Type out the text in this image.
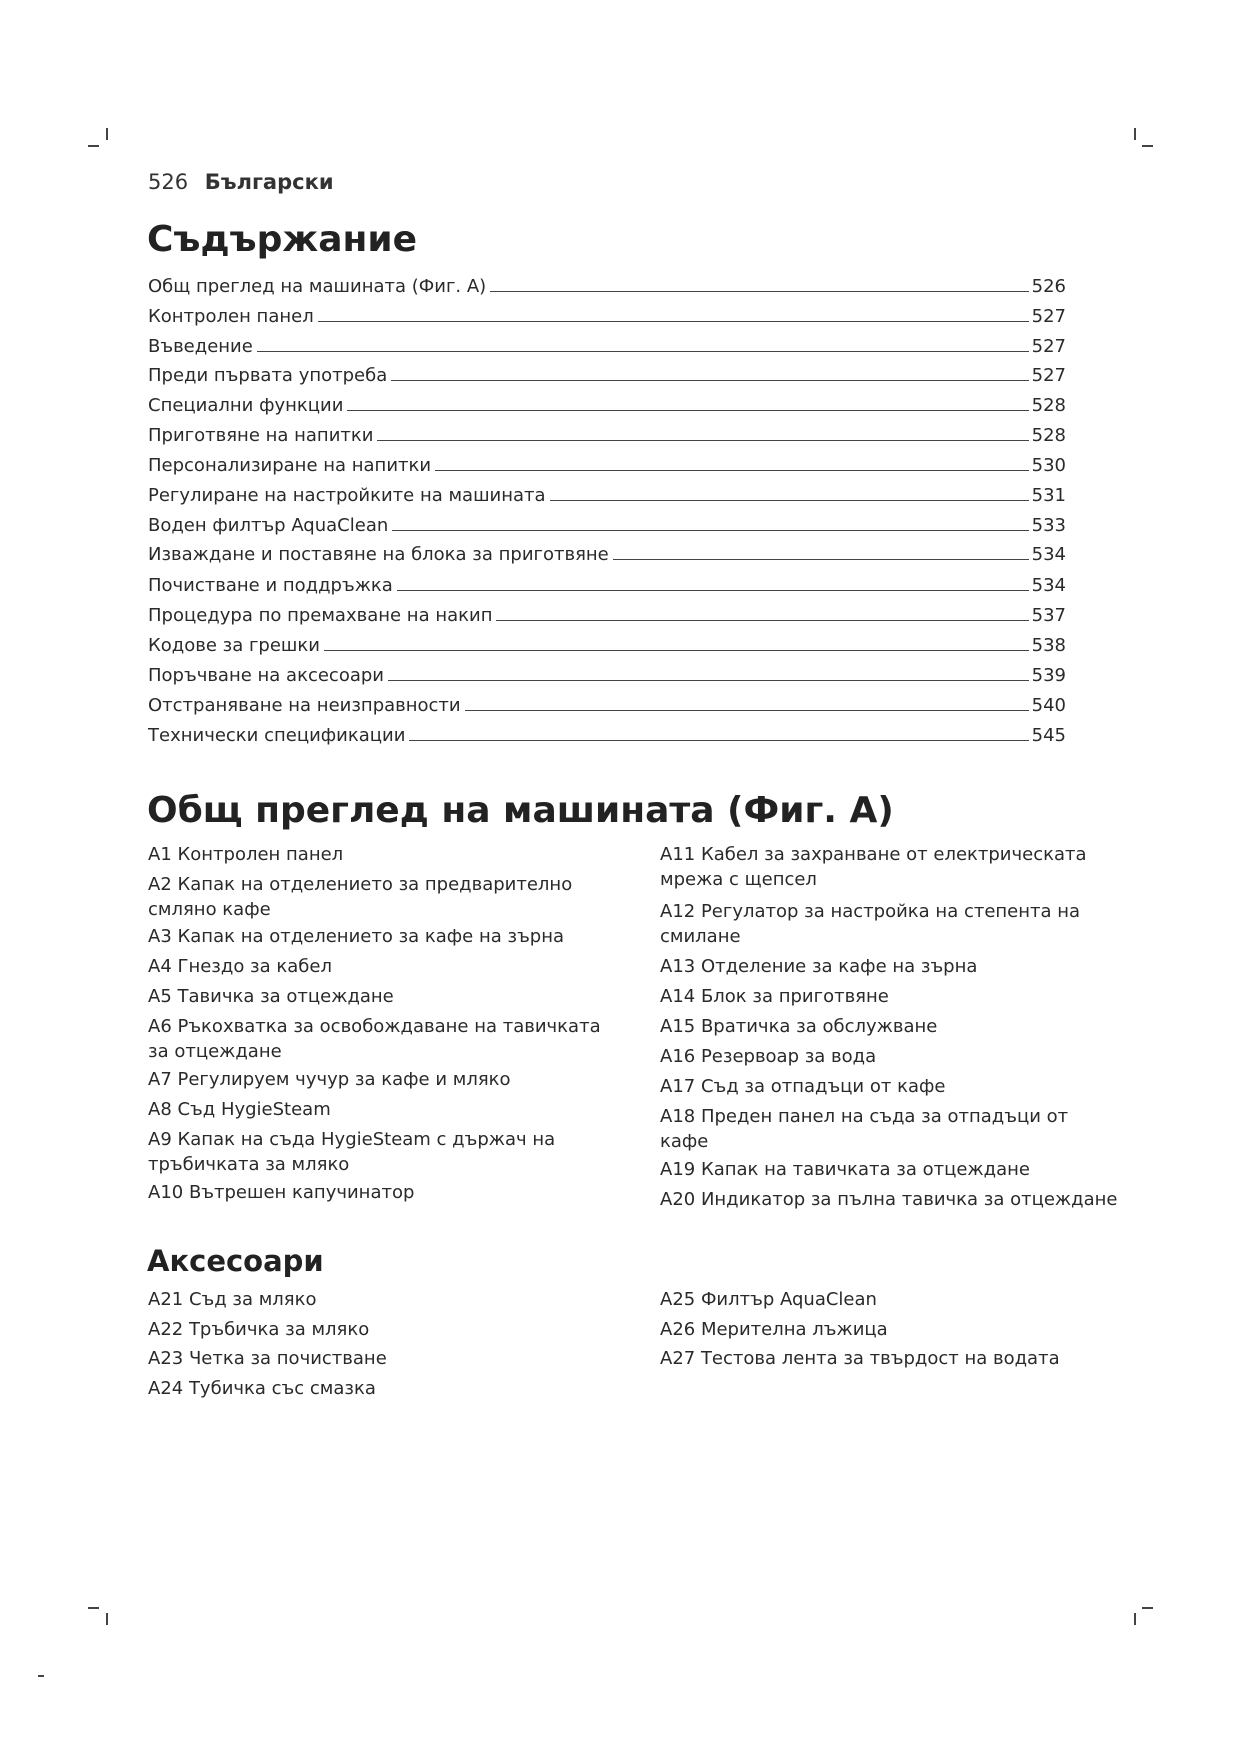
526 Български
Съдържание
Общ преглед на машината (Фиг. A)	526
Контролен панел	527
Въведение	527
Преди първата употреба	527
Специални функции	528
Приготвяне на напитки	528
Персонализиране на напитки	530
Регулиране на настройките на машината	531
Воден филтър AquaClean	533
Изваждане и поставяне на блока за приготвяне	534
Почистване и поддръжка	534
Процедура по премахване на накип	537
Кодове за грешки	538
Поръчване на аксесоари	539
Отстраняване на неизправности	540
Технически спецификации	545
Общ преглед на машината (Фиг. A)
A1 Контролен панел
A2 Капак на отделението за предварително
смляно кафе
A3 Капак на отделението за кафе на зърна
A4 Гнездо за кабел
A5 Тавичка за отцеждане
A6 Ръкохватка за освобождаване на тавичката
за отцеждане
A7 Регулируем чучур за кафе и мляко
A8 Съд HygieSteam
A9 Капак на съда HygieSteam с държач на
тръбичката за мляко
A10 Вътрешен капучинатор
A11 Кабел за захранване от електрическата
мрежа с щепсел
A12 Регулатор за настройка на степента на
смилане
A13 Отделение за кафе на зърна
A14 Блок за приготвяне
A15 Вратичка за обслужване
A16 Резервоар за вода
A17 Съд за отпадъци от кафе
A18 Преден панел на съда за отпадъци от
кафе
A19 Капак на тавичката за отцеждане
A20 Индикатор за пълна тавичка за отцеждане
Аксесоари
A21 Съд за мляко
A22 Тръбичка за мляко
A23 Четка за почистване
A24 Тубичка със смазка
A25 Филтър AquaClean
A26 Мерителна лъжица
A27 Тестова лента за твърдост на водата
